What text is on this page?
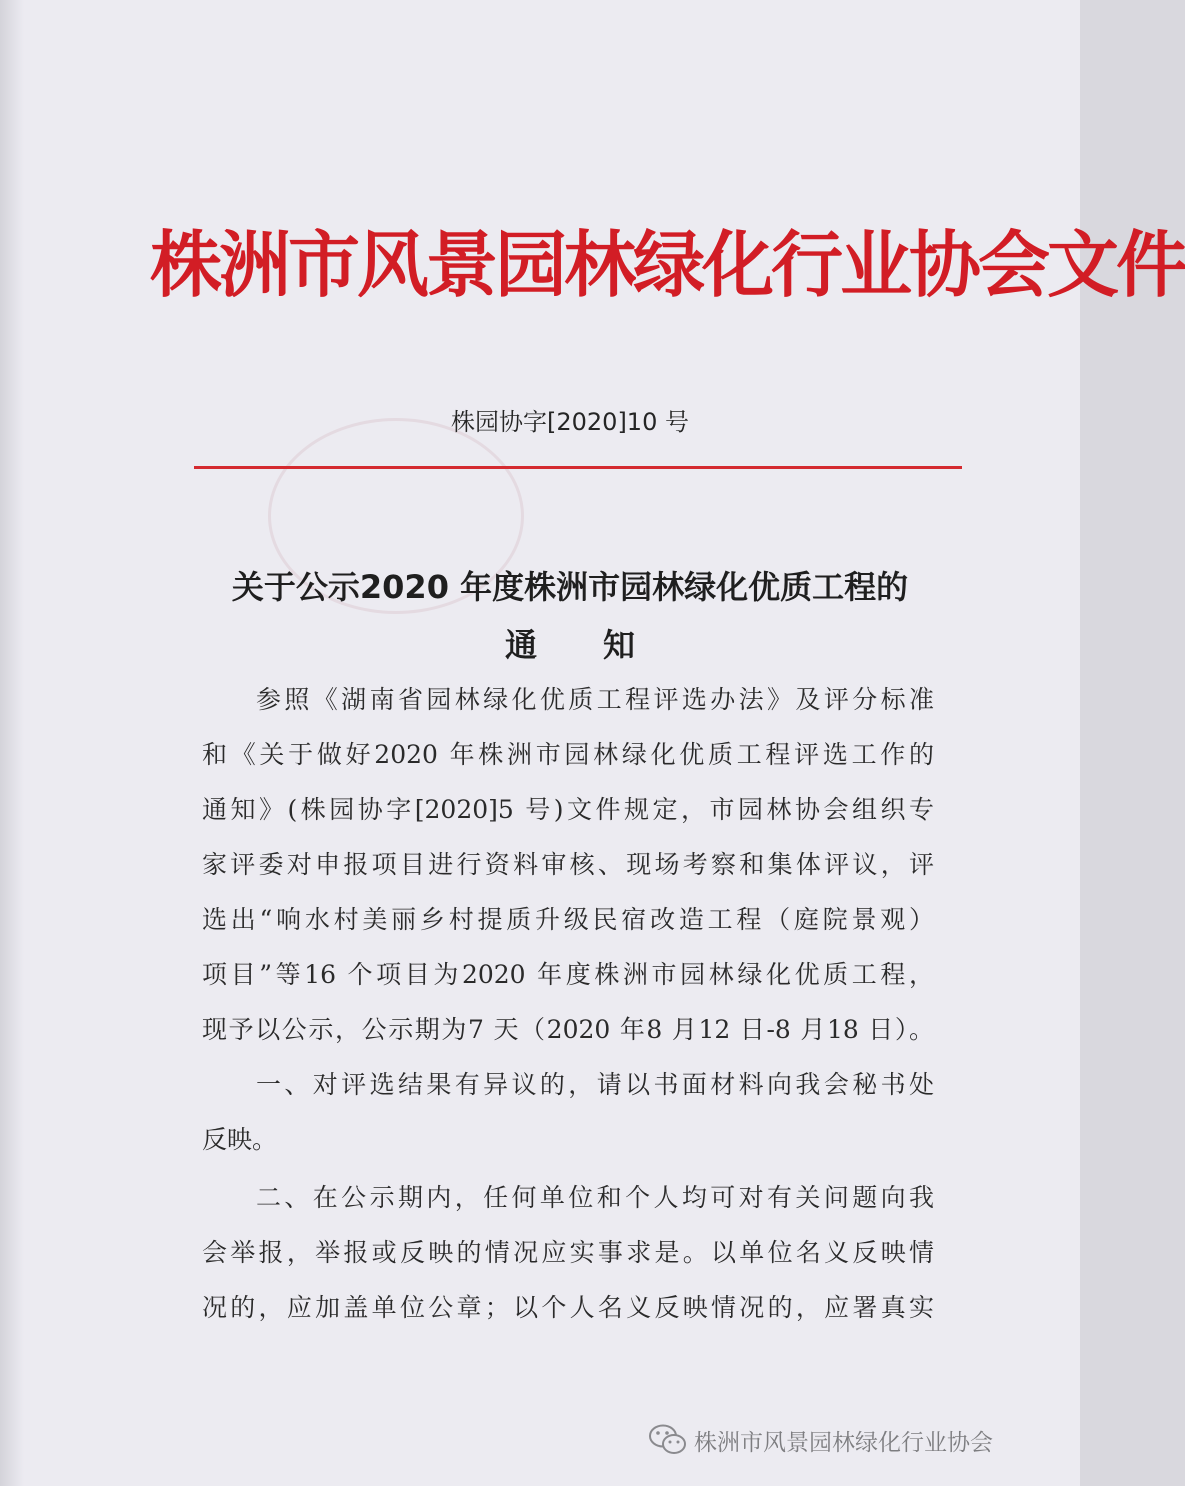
株洲市风景园林绿化行业协会文件
株园协字[2020]10 号
关于公示2020 年度株洲市园林绿化优质工程的
通知
参照《湖南省园林绿化优质工程评选办法》及评分标准
和《关于做好2020 年株洲市园林绿化优质工程评选工作的
通知》(株园协字[2020]5 号)文件规定，市园林协会组织专
家评委对申报项目进行资料审核、现场考察和集体评议，评
选出“响水村美丽乡村提质升级民宿改造工程（庭院景观）
项目”等16 个项目为2020 年度株洲市园林绿化优质工程，
现予以公示，公示期为7 天（2020 年8 月12 日-8 月18 日）。
一、对评选结果有异议的，请以书面材料向我会秘书处
反映。
二、在公示期内，任何单位和个人均可对有关问题向我
会举报，举报或反映的情况应实事求是。以单位名义反映情
况的，应加盖单位公章；以个人名义反映情况的，应署真实
株洲市风景园林绿化行业协会
